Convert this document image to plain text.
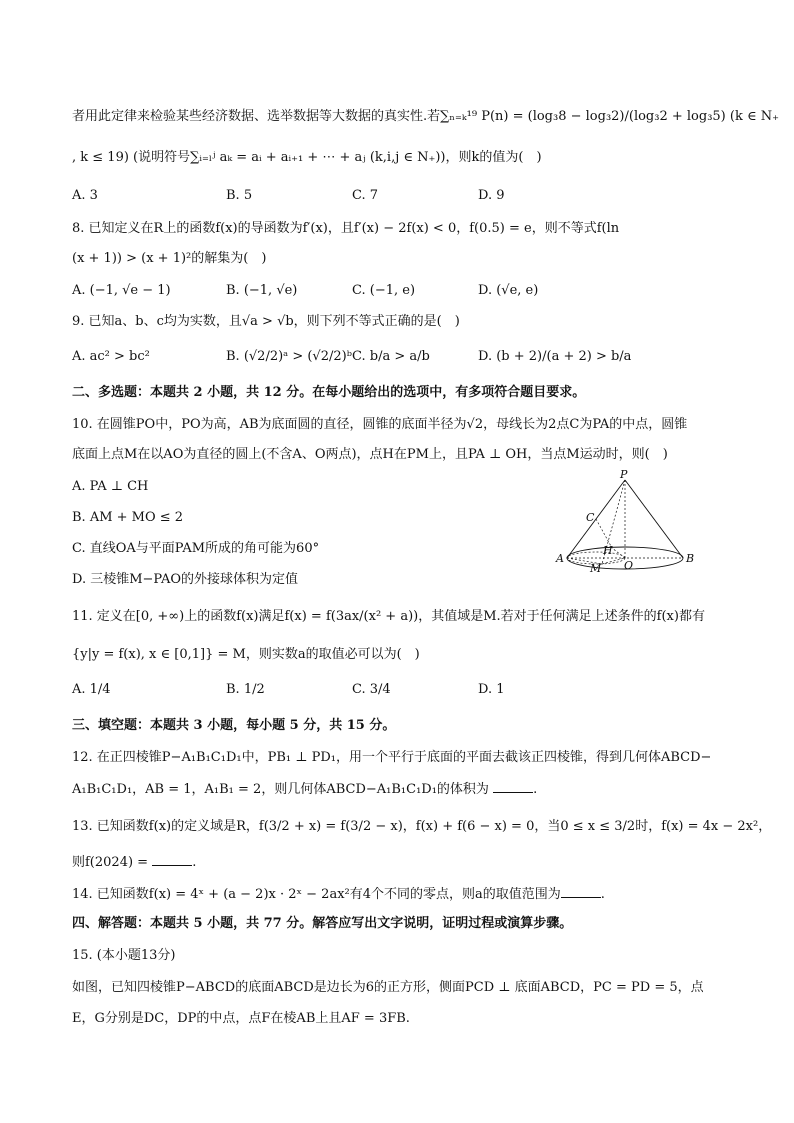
者用此定律来检验某些经济数据、选举数据等大数据的真实性.若∑ₙ₌ₖ¹⁹ P(n) = (log₃8 − log₃2)/(log₃2 + log₃5) (k ∈ N₊
, k ≤ 19) (说明符号∑ᵢ₌ₗʲ aₖ = aᵢ + aᵢ₊₁ + ⋯ + aⱼ (k,i,j ∈ N₊))，则k的值为(　)
A. 3	B. 5	C. 7	D. 9
8. 已知定义在R上的函数f(x)的导函数为f′(x)，且f′(x) − 2f(x) < 0，f(0.5) = e，则不等式f(ln
(x + 1)) > (x + 1)²的解集为(　)
A. (−1, √e − 1)	B. (−1, √e)	C. (−1, e)	D. (√e, e)
9. 已知a、b、c均为实数，且√a > √b，则下列不等式正确的是(　)
A. ac² > bc²	B. (√2/2)ᵃ > (√2/2)ᵇ C. b/a > a/b	D. (b + 2)/(a + 2) > b/a
二、多选题：本题共 2 小题，共 12 分。在每小题给出的选项中，有多项符合题目要求。
10. 在圆锥PO中，PO为高，AB为底面圆的直径，圆锥的底面半径为√2，母线长为2点C为PA的中点，圆锥
底面上点M在以AO为直径的圆上(不含A、O两点)，点H在PM上，且PA ⊥ OH，当点M运动时，则(　)
A. PA ⊥ CH
B. AM + MO ≤ 2
C. 直线OA与平面PAM所成的角可能为60°
D. 三棱锥M−PAO的外接球体积为定值
P
C
A
H
M O
B
11. 定义在[0, +∞)上的函数f(x)满足f(x) = f(3ax/(x² + a))，其值域是M.若对于任何满足上述条件的f(x)都有
{y|y = f(x), x ∈ [0,1]} = M，则实数a的取值必可以为(　)
A. 1/4	B. 1/2	C. 3/4	D. 1
三、填空题：本题共 3 小题，每小题 5 分，共 15 分。
12. 在正四棱锥P−A₁B₁C₁D₁中，PB₁ ⊥ PD₁，用一个平行于底面的平面去截该正四棱锥，得到几何体ABCD−
A₁B₁C₁D₁，AB = 1，A₁B₁ = 2，则几何体ABCD−A₁B₁C₁D₁的体积为	.
13. 已知函数f(x)的定义域是R，f(3/2 + x) = f(3/2 − x)，f(x) + f(6 − x) = 0，当0 ≤ x ≤ 3/2时，f(x) = 4x − 2x²，
则f(2024) =	.
14. 已知函数f(x) = 4ˣ + (a − 2)x · 2ˣ − 2ax²有4个不同的零点，则a的取值范围为	.
四、解答题：本题共 5 小题，共 77 分。解答应写出文字说明，证明过程或演算步骤。
15. (本小题13分)
如图，已知四棱锥P−ABCD的底面ABCD是边长为6的正方形，侧面PCD ⊥ 底面ABCD，PC = PD = 5，点
E，G分别是DC，DP的中点，点F在棱AB上且AF = 3FB.
